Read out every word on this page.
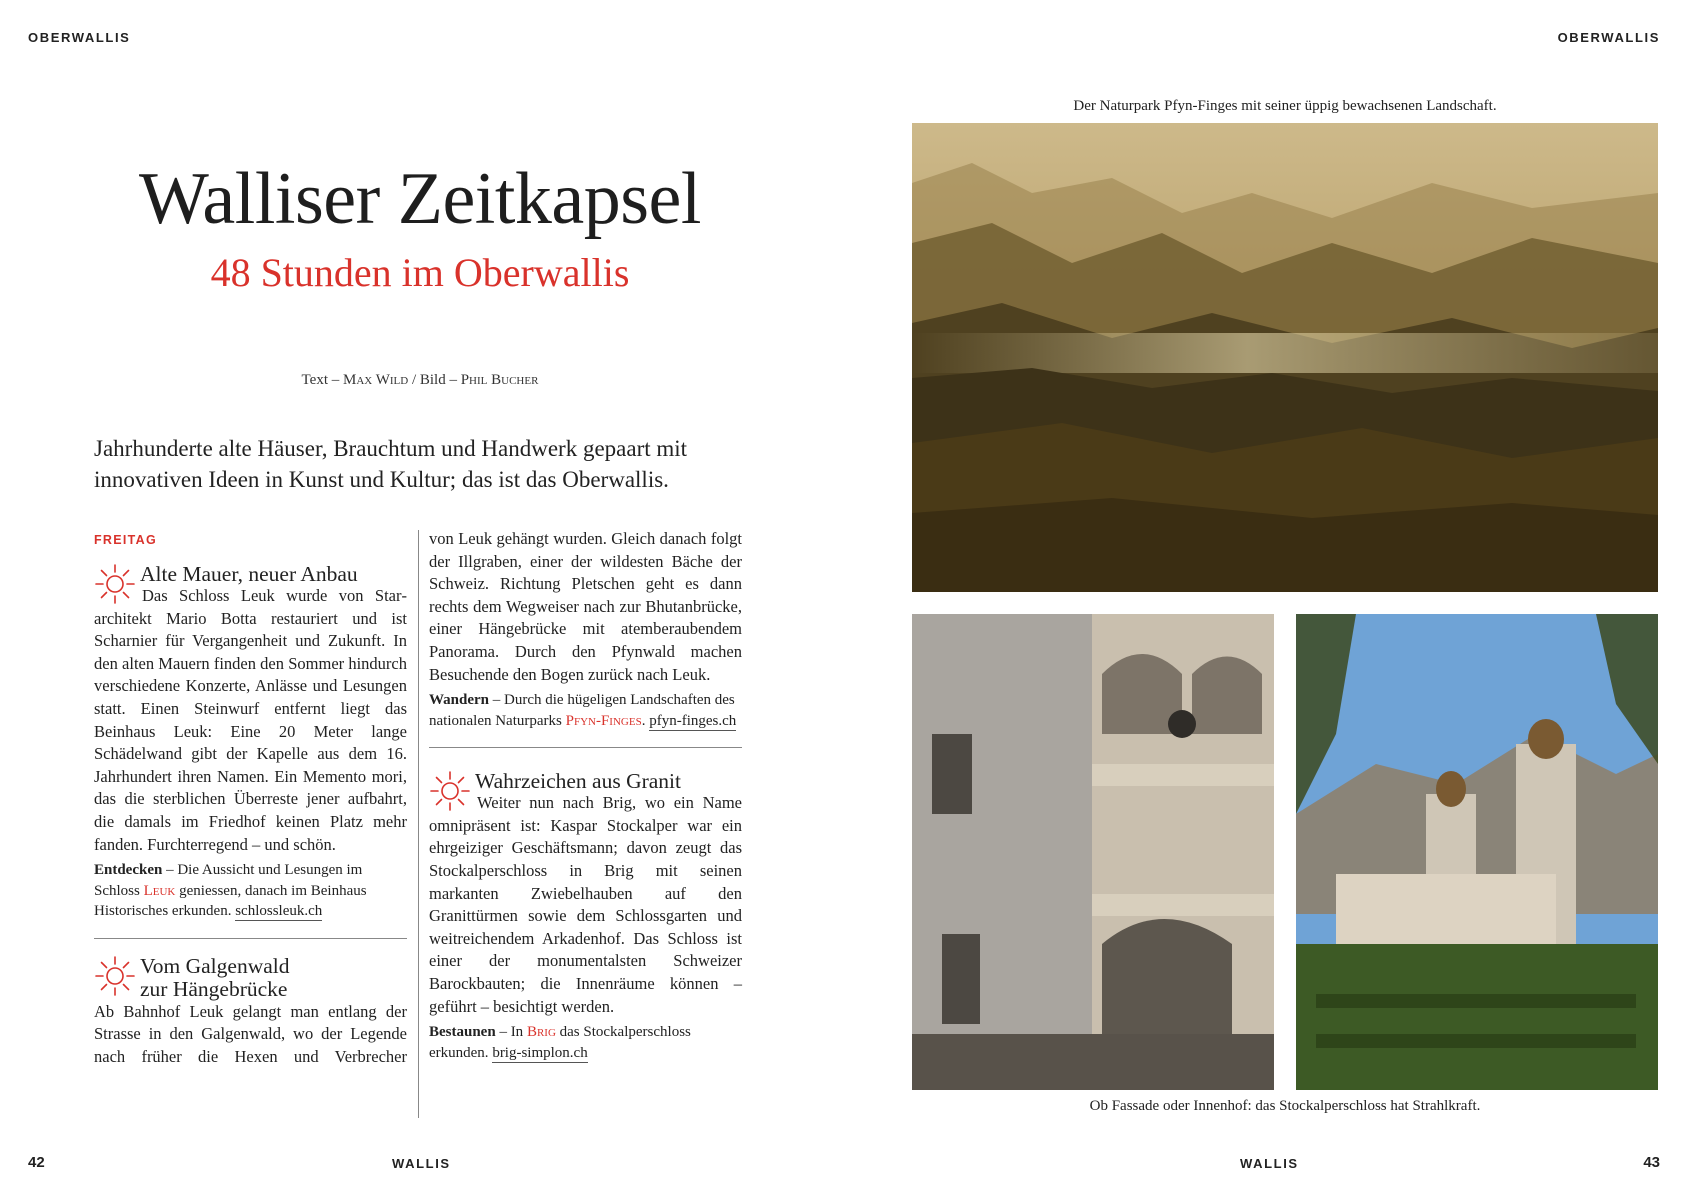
OBERWALLIS	OBERWALLIS
Walliser Zeitkapsel
48 Stunden im Oberwallis
Text – Max Wild / Bild – Phil Bucher
Jahrhunderte alte Häuser, Brauchtum und Handwerk gepaart mit innovativen Ideen in Kunst und Kultur; das ist das Oberwallis.
FREITAG
Alte Mauer, neuer Anbau
Das Schloss Leuk wurde von Stararchitekt Mario Botta restauriert und ist Scharnier für Vergangenheit und Zukunft. In den alten Mauern finden den Sommer hindurch verschiedene Konzerte, Anlässe und Lesungen statt. Einen Steinwurf entfernt liegt das Beinhaus Leuk: Eine 20 Meter lange Schädelwand gibt der Kapelle aus dem 16. Jahrhundert ihren Namen. Ein Memento mori, das die sterblichen Überreste jener aufbahrt, die damals im Friedhof keinen Platz mehr fanden. Furchterregend – und schön.
Entdecken – Die Aussicht und Lesungen im Schloss Leuk geniessen, danach im Beinhaus Historisches erkunden. schlossleuk.ch
Vom Galgenwald
zur Hängebrücke
Ab Bahnhof Leuk gelangt man entlang der Strasse in den Galgenwald, wo der Legende nach früher die Hexen und Verbrecher
von Leuk gehängt wurden. Gleich danach folgt der Illgraben, einer der wildesten Bäche der Schweiz. Richtung Pletschen geht es dann rechts dem Wegweiser nach zur Bhutanbrücke, einer Hängebrücke mit atemberaubendem Panorama. Durch den Pfynwald machen Besuchende den Bogen zurück nach Leuk.
Wandern – Durch die hügeligen Landschaften des nationalen Naturparks Pfyn-Finges. pfyn-finges.ch
Wahrzeichen aus Granit
Weiter nun nach Brig, wo ein Name omnipräsent ist: Kaspar Stockalper war ein ehrgeiziger Geschäftsmann; davon zeugt das Stockalperschloss in Brig mit seinen markanten Zwiebelhauben auf den Granittürmen sowie dem Schlossgarten und weitreichendem Arkadenhof. Das Schloss ist einer der monumentalsten Schweizer Barockbauten; die Innenräume können – geführt – besichtigt werden.
Bestaunen – In Brig das Stockalperschloss erkunden. brig-simplon.ch
Der Naturpark Pfyn-Finges mit seiner üppig bewachsenen Landschaft.
Ob Fassade oder Innenhof: das Stockalperschloss hat Strahlkraft.
42	WALLIS	WALLIS	43
